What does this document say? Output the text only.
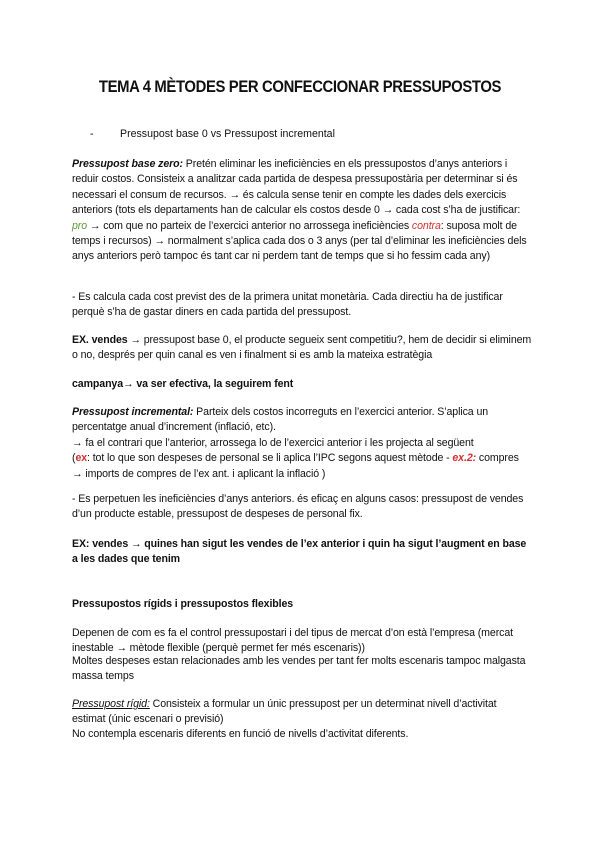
TEMA 4 MÈTODES PER CONFECCIONAR PRESSUPOSTOS
- Pressupost base 0 vs Pressupost incremental
Pressupost base zero: Pretén eliminar les ineficiències en els pressupostos d’anys anteriors i reduir costos. Consisteix a analitzar cada partida de despesa pressupostària per determinar si és necessari el consum de recursos. → és calcula sense tenir en compte les dades dels exercicis anteriors (tots els departaments han de calcular els costos desde 0 → cada cost s’ha de justificar: pro → com que no parteix de l’exercici anterior no arrossega ineficiències contra: suposa molt de temps i recursos) → normalment s’aplica cada dos o 3 anys (per tal d’eliminar les ineficiències dels anys anteriors però tampoc és tant car ni perdem tant de temps que si ho fessim cada any)
- Es calcula cada cost previst des de la primera unitat monetària. Cada directiu ha de justificar perquè s’ha de gastar diners en cada partida del pressupost.
EX. vendes → pressupost base 0, el producte segueix sent competitiu?, hem de decidir si eliminem o no, després per quin canal es ven i finalment si es amb la mateixa estratègia
campanya→ va ser efectiva, la seguirem fent
Pressupost incremental: Parteix dels costos incorreguts en l’exercici anterior. S’aplica un percentatge anual d’increment (inflació, etc).
→ fa el contrari que l’anterior, arrossega lo de l’exercici anterior i les projecta al següent
(ex: tot lo que son despeses de personal se li aplica l’IPC segons aquest mètode - ex.2: compres → imports de compres de l’ex ant. i aplicant la inflació )
- Es perpetuen les ineficiències d’anys anteriors. és eficaç en alguns casos: pressupost de vendes d’un producte estable, pressupost de despeses de personal fix.
EX: vendes → quines han sigut les vendes de l’ex anterior i quin ha sigut l’augment en base a les dades que tenim
Pressupostos rígids i pressupostos flexibles
Depenen de com es fa el control pressupostari i del tipus de mercat d’on està l’empresa (mercat inestable → mètode flexible (perquè permet fer més escenaris))
Moltes despeses estan relacionades amb les vendes per tant fer molts escenaris tampoc malgasta massa temps
Pressupost rígid: Consisteix a formular un únic pressupost per un determinat nivell d’activitat estimat (únic escenari o previsió)
No contempla escenaris diferents en funció de nivells d’activitat diferents.
